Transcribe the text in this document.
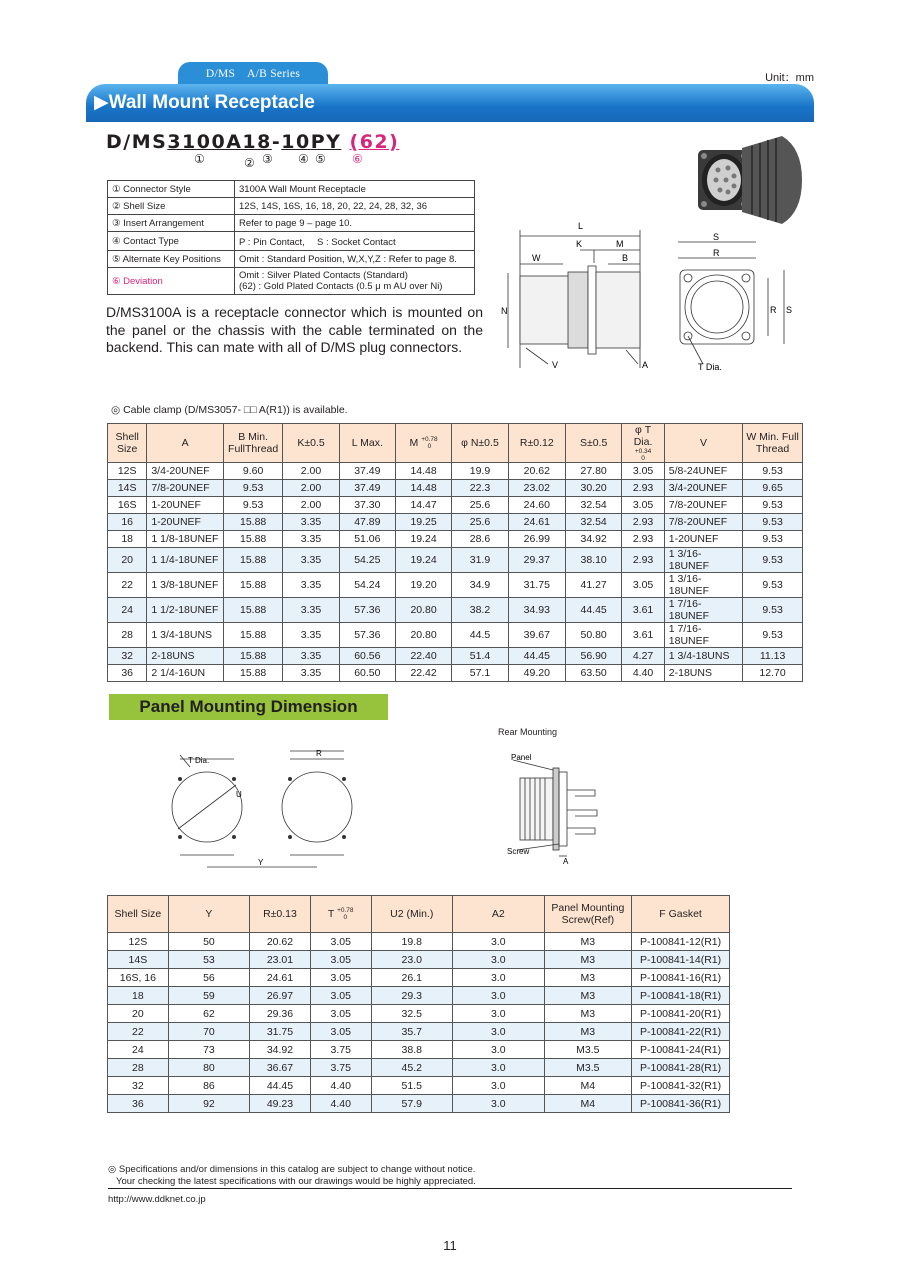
D/MS　A/B Series	Unit：mm
▶Wall Mount Receptacle
D/MS3100A18-10PY (62)
①	② ③ ④ ⑤ ⑥
① Connector Style	3100A Wall Mount Receptacle
② Shell Size	12S, 14S, 16S, 16, 18, 20, 22, 24, 28, 32, 36
③ Insert Arrangement	Refer to page 9 – page 10.
④ Contact Type	P : Pin Contact,　 S : Socket Contact
⑤ Alternate Key Positions	Omit : Standard Position, W,X,Y,Z : Refer to page 8.
⑥ Deviation	Omit : Silver Plated Contacts (Standard)
(62) : Gold Plated Contacts (0.5 μ m AU over Ni)
L
K	M
W	B
N
V	A
S
R
R S
T Dia.
D/MS3100A is a receptacle connector which is mounted on the panel or the chassis with the cable terminated on the backend. This can mate with all of D/MS plug connectors.
◎ Cable clamp (D/MS3057- □□ A(R1)) is available.
Shell Size	A	B Min. FullThread	K±0.5	L Max.	M +0.78
0	φ N±0.5	R±0.12	S±0.5	φ T Dia. +0.34
0	V	W Min. Full Thread
12S	3/4-20UNEF	9.60	2.00	37.49	14.48	19.9	20.62	27.80	3.05	5/8-24UNEF	9.53
14S	7/8-20UNEF	9.53	2.00	37.49	14.48	22.3	23.02	30.20	2.93	3/4-20UNEF	9.65
16S	1-20UNEF	9.53	2.00	37.30	14.47	25.6	24.60	32.54	3.05	7/8-20UNEF	9.53
16	1-20UNEF	15.88	3.35	47.89	19.25	25.6	24.61	32.54	2.93	7/8-20UNEF	9.53
18	1 1/8-18UNEF	15.88	3.35	51.06	19.24	28.6	26.99	34.92	2.93	1-20UNEF	9.53
20	1 1/4-18UNEF	15.88	3.35	54.25	19.24	31.9	29.37	38.10	2.93	1 3/16-18UNEF	9.53
22	1 3/8-18UNEF	15.88	3.35	54.24	19.20	34.9	31.75	41.27	3.05	1 3/16-18UNEF	9.53
24	1 1/2-18UNEF	15.88	3.35	57.36	20.80	38.2	34.93	44.45	3.61	1 7/16-18UNEF	9.53
28	1 3/4-18UNS	15.88	3.35	57.36	20.80	44.5	39.67	50.80	3.61	1 7/16-18UNEF	9.53
32	2-18UNS	15.88	3.35	60.56	22.40	51.4	44.45	56.90	4.27	1 3/4-18UNS	11.13
36	2 1/4-16UN	15.88	3.35	60.50	22.42	57.1	49.20	63.50	4.40	2-18UNS	12.70
Panel Mounting Dimension
Rear Mounting
T Dia.
R
U
Y
Panel
Screw
A
Shell Size	Y	R±0.13	T +0.78
0	U2 (Min.)	A2	Panel Mounting Screw(Ref)	F Gasket
12S	50	20.62	3.05	19.8	3.0	M3	P-100841-12(R1)
14S	53	23.01	3.05	23.0	3.0	M3	P-100841-14(R1)
16S, 16	56	24.61	3.05	26.1	3.0	M3	P-100841-16(R1)
18	59	26.97	3.05	29.3	3.0	M3	P-100841-18(R1)
20	62	29.36	3.05	32.5	3.0	M3	P-100841-20(R1)
22	70	31.75	3.05	35.7	3.0	M3	P-100841-22(R1)
24	73	34.92	3.75	38.8	3.0	M3.5	P-100841-24(R1)
28	80	36.67	3.75	45.2	3.0	M3.5	P-100841-28(R1)
32	86	44.45	4.40	51.5	3.0	M4	P-100841-32(R1)
36	92	49.23	4.40	57.9	3.0	M4	P-100841-36(R1)
◎ Specifications and/or dimensions in this catalog are subject to change without notice.
Your checking the latest specifications with our drawings would be highly appreciated.
http://www.ddknet.co.jp
11
